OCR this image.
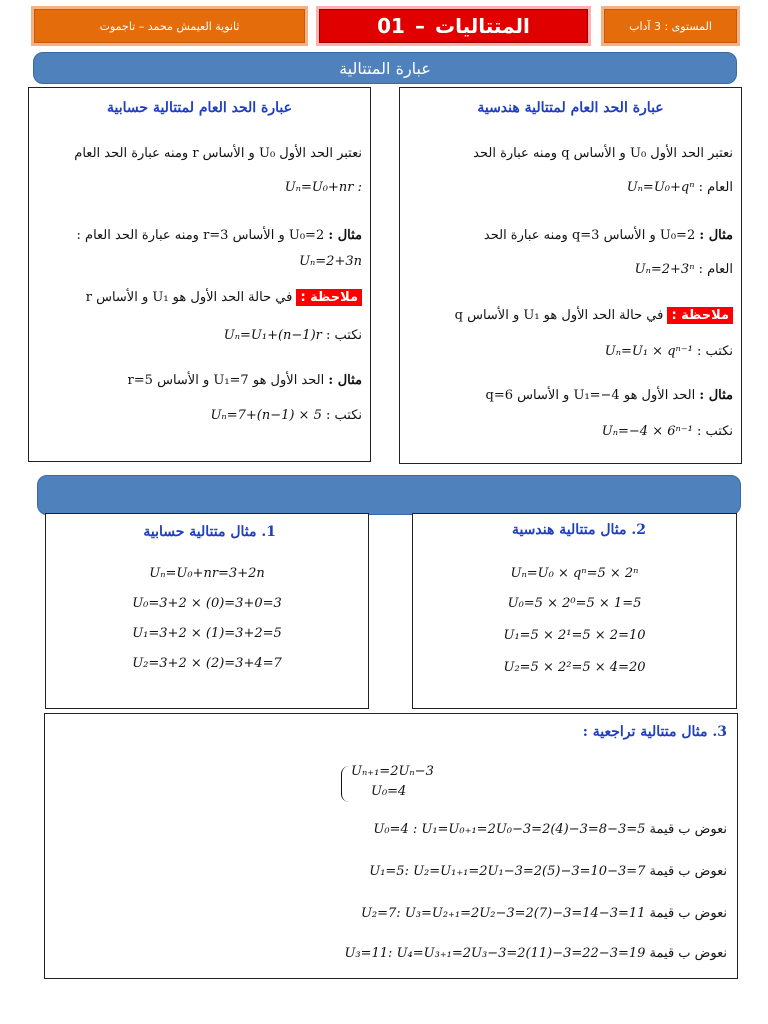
المستوى : 3 آداب
المتتاليات
–
01
ثانوية العيمش محمد – تاجموت
عبارة المتتالية
عبارة الحد العام لمتتالية هندسية
نعتبر الحد الأول U₀ و الأساس q ومنه عبارة الحد
العام : Uₙ=U₀+qⁿ
مثال : U₀=2 و الأساس q=3 ومنه عبارة الحد
العام : Uₙ=2+3ⁿ
ملاحظة : في حالة الحد الأول هو U₁ و الأساس q
نكتب : Uₙ=U₁ × qⁿ⁻¹
مثال : الحد الأول هو U₁=−4 و الأساس q=6
نكتب : Uₙ=−4 × 6ⁿ⁻¹
عبارة الحد العام لمتتالية حسابية
نعتبر الحد الأول U₀ و الأساس r ومنه عبارة الحد العام
Uₙ=U₀+nr :
مثال : U₀=2 و الأساس r=3 ومنه عبارة الحد العام :
Uₙ=2+3n
ملاحظة : في حالة الحد الأول هو U₁ و الأساس r
نكتب : Uₙ=U₁+(n−1)r
مثال : الحد الأول هو U₁=7 و الأساس r=5
نكتب : Uₙ=7+(n−1) × 5
1. مثال متتالية حسابية
Uₙ=U₀+nr=3+2n
U₀=3+2 × (0)=3+0=3
U₁=3+2 × (1)=3+2=5
U₂=3+2 × (2)=3+4=7
2. مثال متتالية هندسية
Uₙ=U₀ × qⁿ=5 × 2ⁿ
U₀=5 × 2⁰=5 × 1=5
U₁=5 × 2¹=5 × 2=10
U₂=5 × 2²=5 × 4=20
3. مثال متتالية تراجعية :
Uₙ₊₁=2Uₙ−3
U₀=4
نعوض ب قيمة U₀=4 : U₁=U₀₊₁=2U₀−3=2(4)−3=8−3=5
نعوض ب قيمة U₁=5: U₂=U₁₊₁=2U₁−3=2(5)−3=10−3=7
نعوض ب قيمة U₂=7: U₃=U₂₊₁=2U₂−3=2(7)−3=14−3=11
نعوض ب قيمة U₃=11: U₄=U₃₊₁=2U₃−3=2(11)−3=22−3=19
